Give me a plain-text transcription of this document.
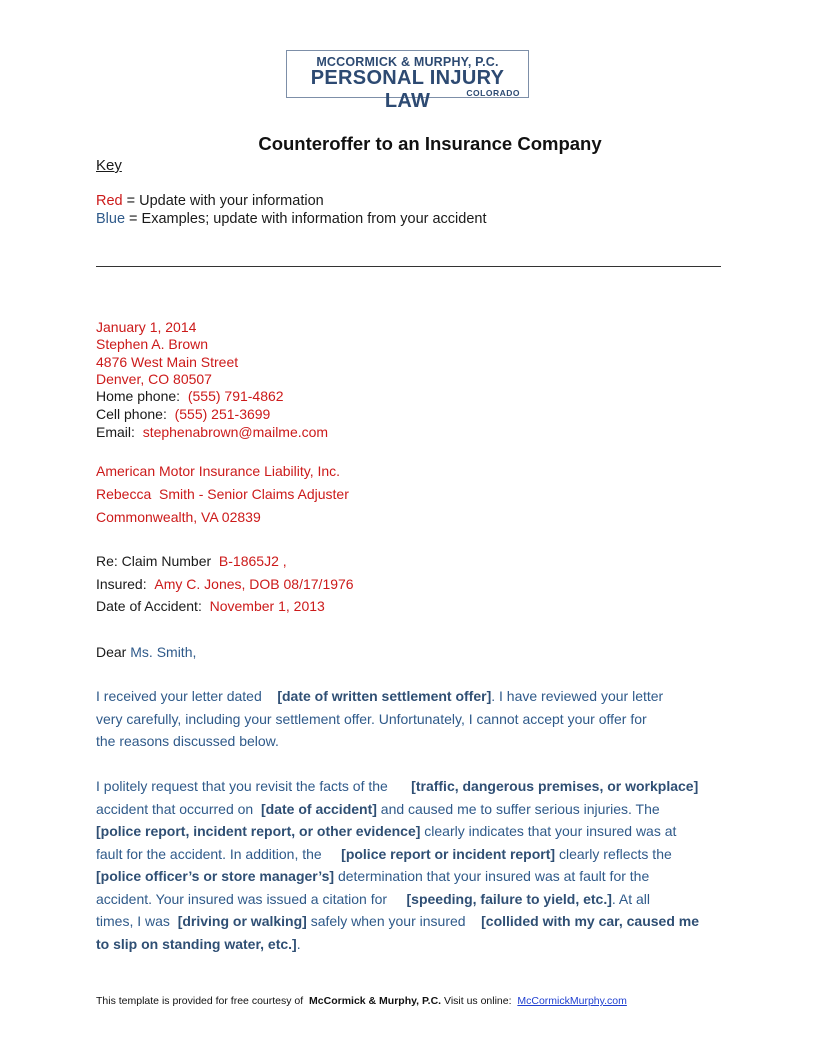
MCCORMICK & MURPHY, P.C.
PERSONAL INJURY LAW	COLORADO
Counteroffer to an Insurance Company
Key
Red = Update with your information
Blue = Examples; update with information from your accident
January 1, 2014
Stephen A. Brown
4876 West Main Street
Denver, CO 80507
Home phone: (555) 791-4862
Cell phone: (555) 251-3699
Email: stephenabrown@mailme.com
American Motor Insurance Liability, Inc.
Rebecca  Smith - Senior Claims Adjuster
Commonwealth, VA 02839
Re: Claim Number B-1865J2 ,
Insured: Amy C. Jones, DOB 08/17/1976
Date of Accident: November 1, 2013
Dear Ms. Smith,
I received your letter dated [date of written settlement offer]. I have reviewed your letter
very carefully, including your settlement offer. Unfortunately, I cannot accept your offer for
the reasons discussed below.
I politely request that you revisit the facts of the [traffic, dangerous premises, or workplace]
accident that occurred on [date of accident] and caused me to suffer serious injuries. The
[police report, incident report, or other evidence] clearly indicates that your insured was at
fault for the accident. In addition, the [police report or incident report] clearly reflects the
[police officer’s or store manager’s] determination that your insured was at fault for the
accident. Your insured was issued a citation for [speeding, failure to yield, etc.]. At all
times, I was [driving or walking] safely when your insured [collided with my car, caused me
to slip on standing water, etc.].
This template is provided for free courtesy of McCormick & Murphy, P.C. Visit us online: McCormickMurphy.com
